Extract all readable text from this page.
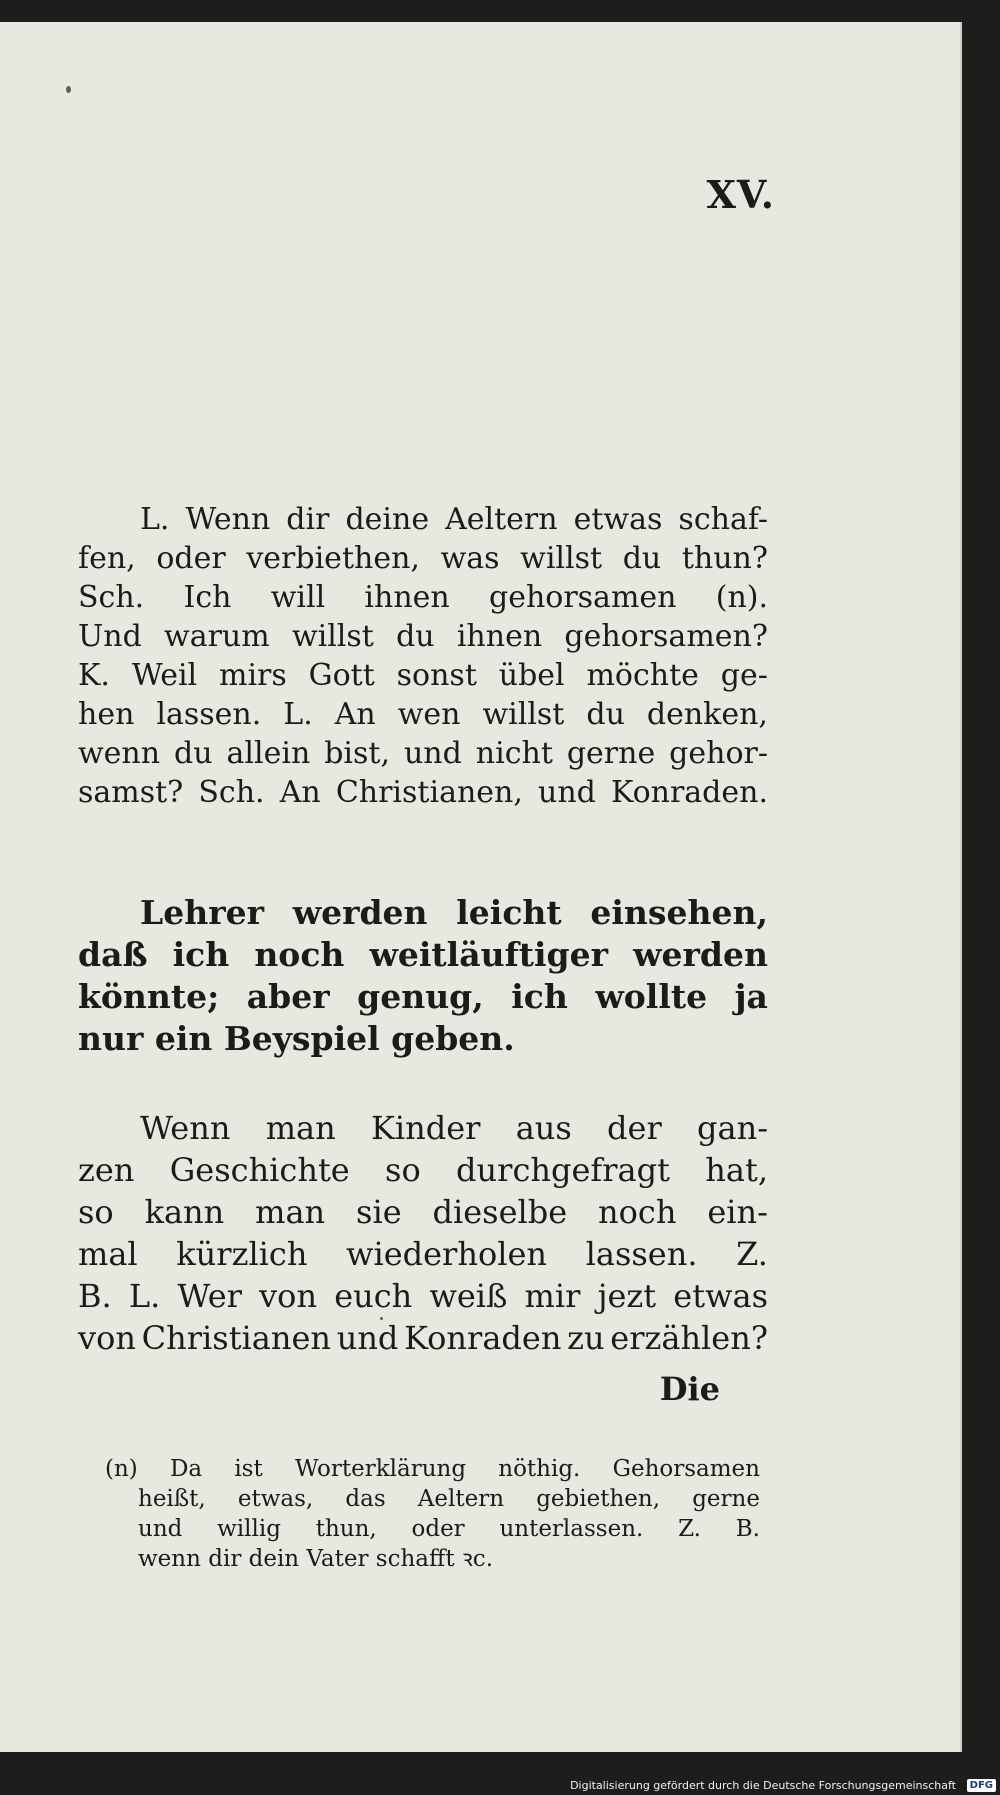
XV.
L. Wenn dir deine Aeltern etwas schaf-
fen, oder verbiethen, was willst du thun?
Sch. Ich will ihnen gehorsamen (n).
Und warum willst du ihnen gehorsamen?
K. Weil mirs Gott sonst übel möchte ge-
hen lassen. L. An wen willst du denken,
wenn du allein bist, und nicht gerne gehor-
samst? Sch. An Christianen, und Konraden.
Lehrer werden leicht einsehen,
daß ich noch weitläuftiger werden
könnte; aber genug, ich wollte ja
nur ein Beyspiel geben.
Wenn man Kinder aus der gan-
zen Geschichte so durchgefragt hat,
so kann man sie dieselbe noch ein-
mal kürzlich wiederholen lassen. Z.
B. L. Wer von euch weiß mir jezt etwas
von Christianen und Konraden zu erzählen?
Die
(n) Da ist Worterklärung nöthig. Gehorsamen
heißt, etwas, das Aeltern gebiethen, gerne
und willig thun, oder unterlassen. Z. B.
wenn dir dein Vater schafft ꝛc.
Digitalisierung gefördert durch die Deutsche Forschungsgemeinschaft	DFG
